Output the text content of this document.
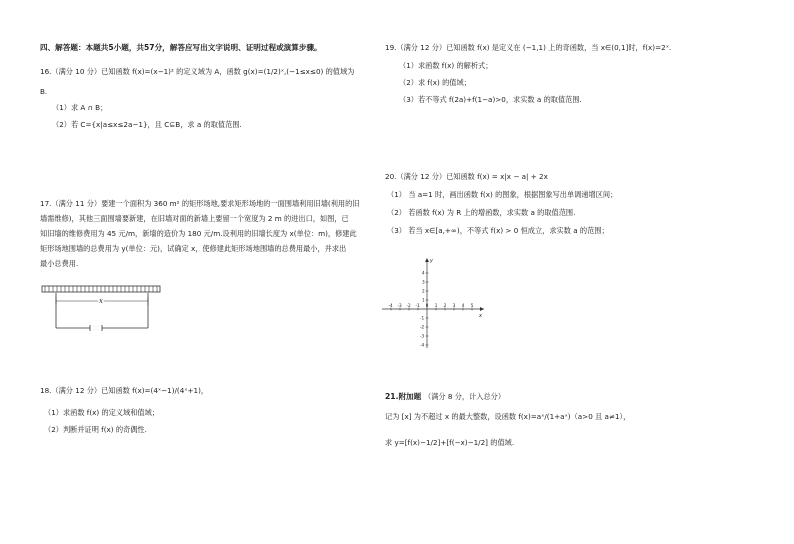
四、解答题：本题共5小题，共57分，解答应写出文字说明、证明过程或演算步骤。
16.（满分 10 分）已知函数 f(x)=(x−1)² 的定义域为 A，函数 g(x)=(1/2)ˣ,(−1≤x≤0) 的值域为
B.
（1）求 A ∩ B；
（2）若 C={x|a≤x≤2a−1}，且 C⊆B，求 a 的取值范围.
17.（满分 11 分）要建一个面积为 360 m² 的矩形场地,要求矩形场地的一面围墙利用旧墙(利用的旧
墙需维修)，其他三面围墙要新建，在旧墙对面的新墙上要留一个宽度为 2 m 的进出口，如图，已
知旧墙的维修费用为 45 元/m，新墙的造价为 180 元/m.设利用的旧墙长度为 x(单位：m)，修建此
矩形场地围墙的总费用为 y(单位：元)，试确定 x，使修建此矩形场地围墙的总费用最小，并求出
最小总费用.
x
18.（满分 12 分）已知函数 f(x)=(4ˣ−1)/(4ˣ+1)，
（1）求函数 f(x) 的定义域和值域；
（2）判断并证明 f(x) 的奇偶性.
19.（满分 12 分）已知函数 f(x) 是定义在 (−1,1) 上的奇函数，当 x∈(0,1]时，f(x)=2ˣ.
（1）求函数 f(x) 的解析式；
（2）求 f(x) 的值域；
（3）若不等式 f(2a)+f(1−a)>0，求实数 a 的取值范围.
20.（满分 12 分）已知函数 f(x) = x|x − a| + 2x
（1） 当 a=1 时，画出函数 f(x) 的图象，根据图象写出单调递增区间；
（2） 若函数 f(x) 为 R 上的增函数，求实数 a 的取值范围.
（3） 若当 x∈[a,+∞)，不等式 f(x) > 0 恒成立，求实数 a 的范围；
x
y
-4 -3 -2 -1 0 1 2 3 4 5
4
3
2
1
-1
-2
-3
-4
21.附加题 （满分 8 分，计入总分）
记为 [x] 为不超过 x 的最大整数，设函数 f(x)=aˣ/(1+aˣ)（a>0 且 a≠1），
求 y=[f(x)−1/2]+[f(−x)−1/2] 的值域.
